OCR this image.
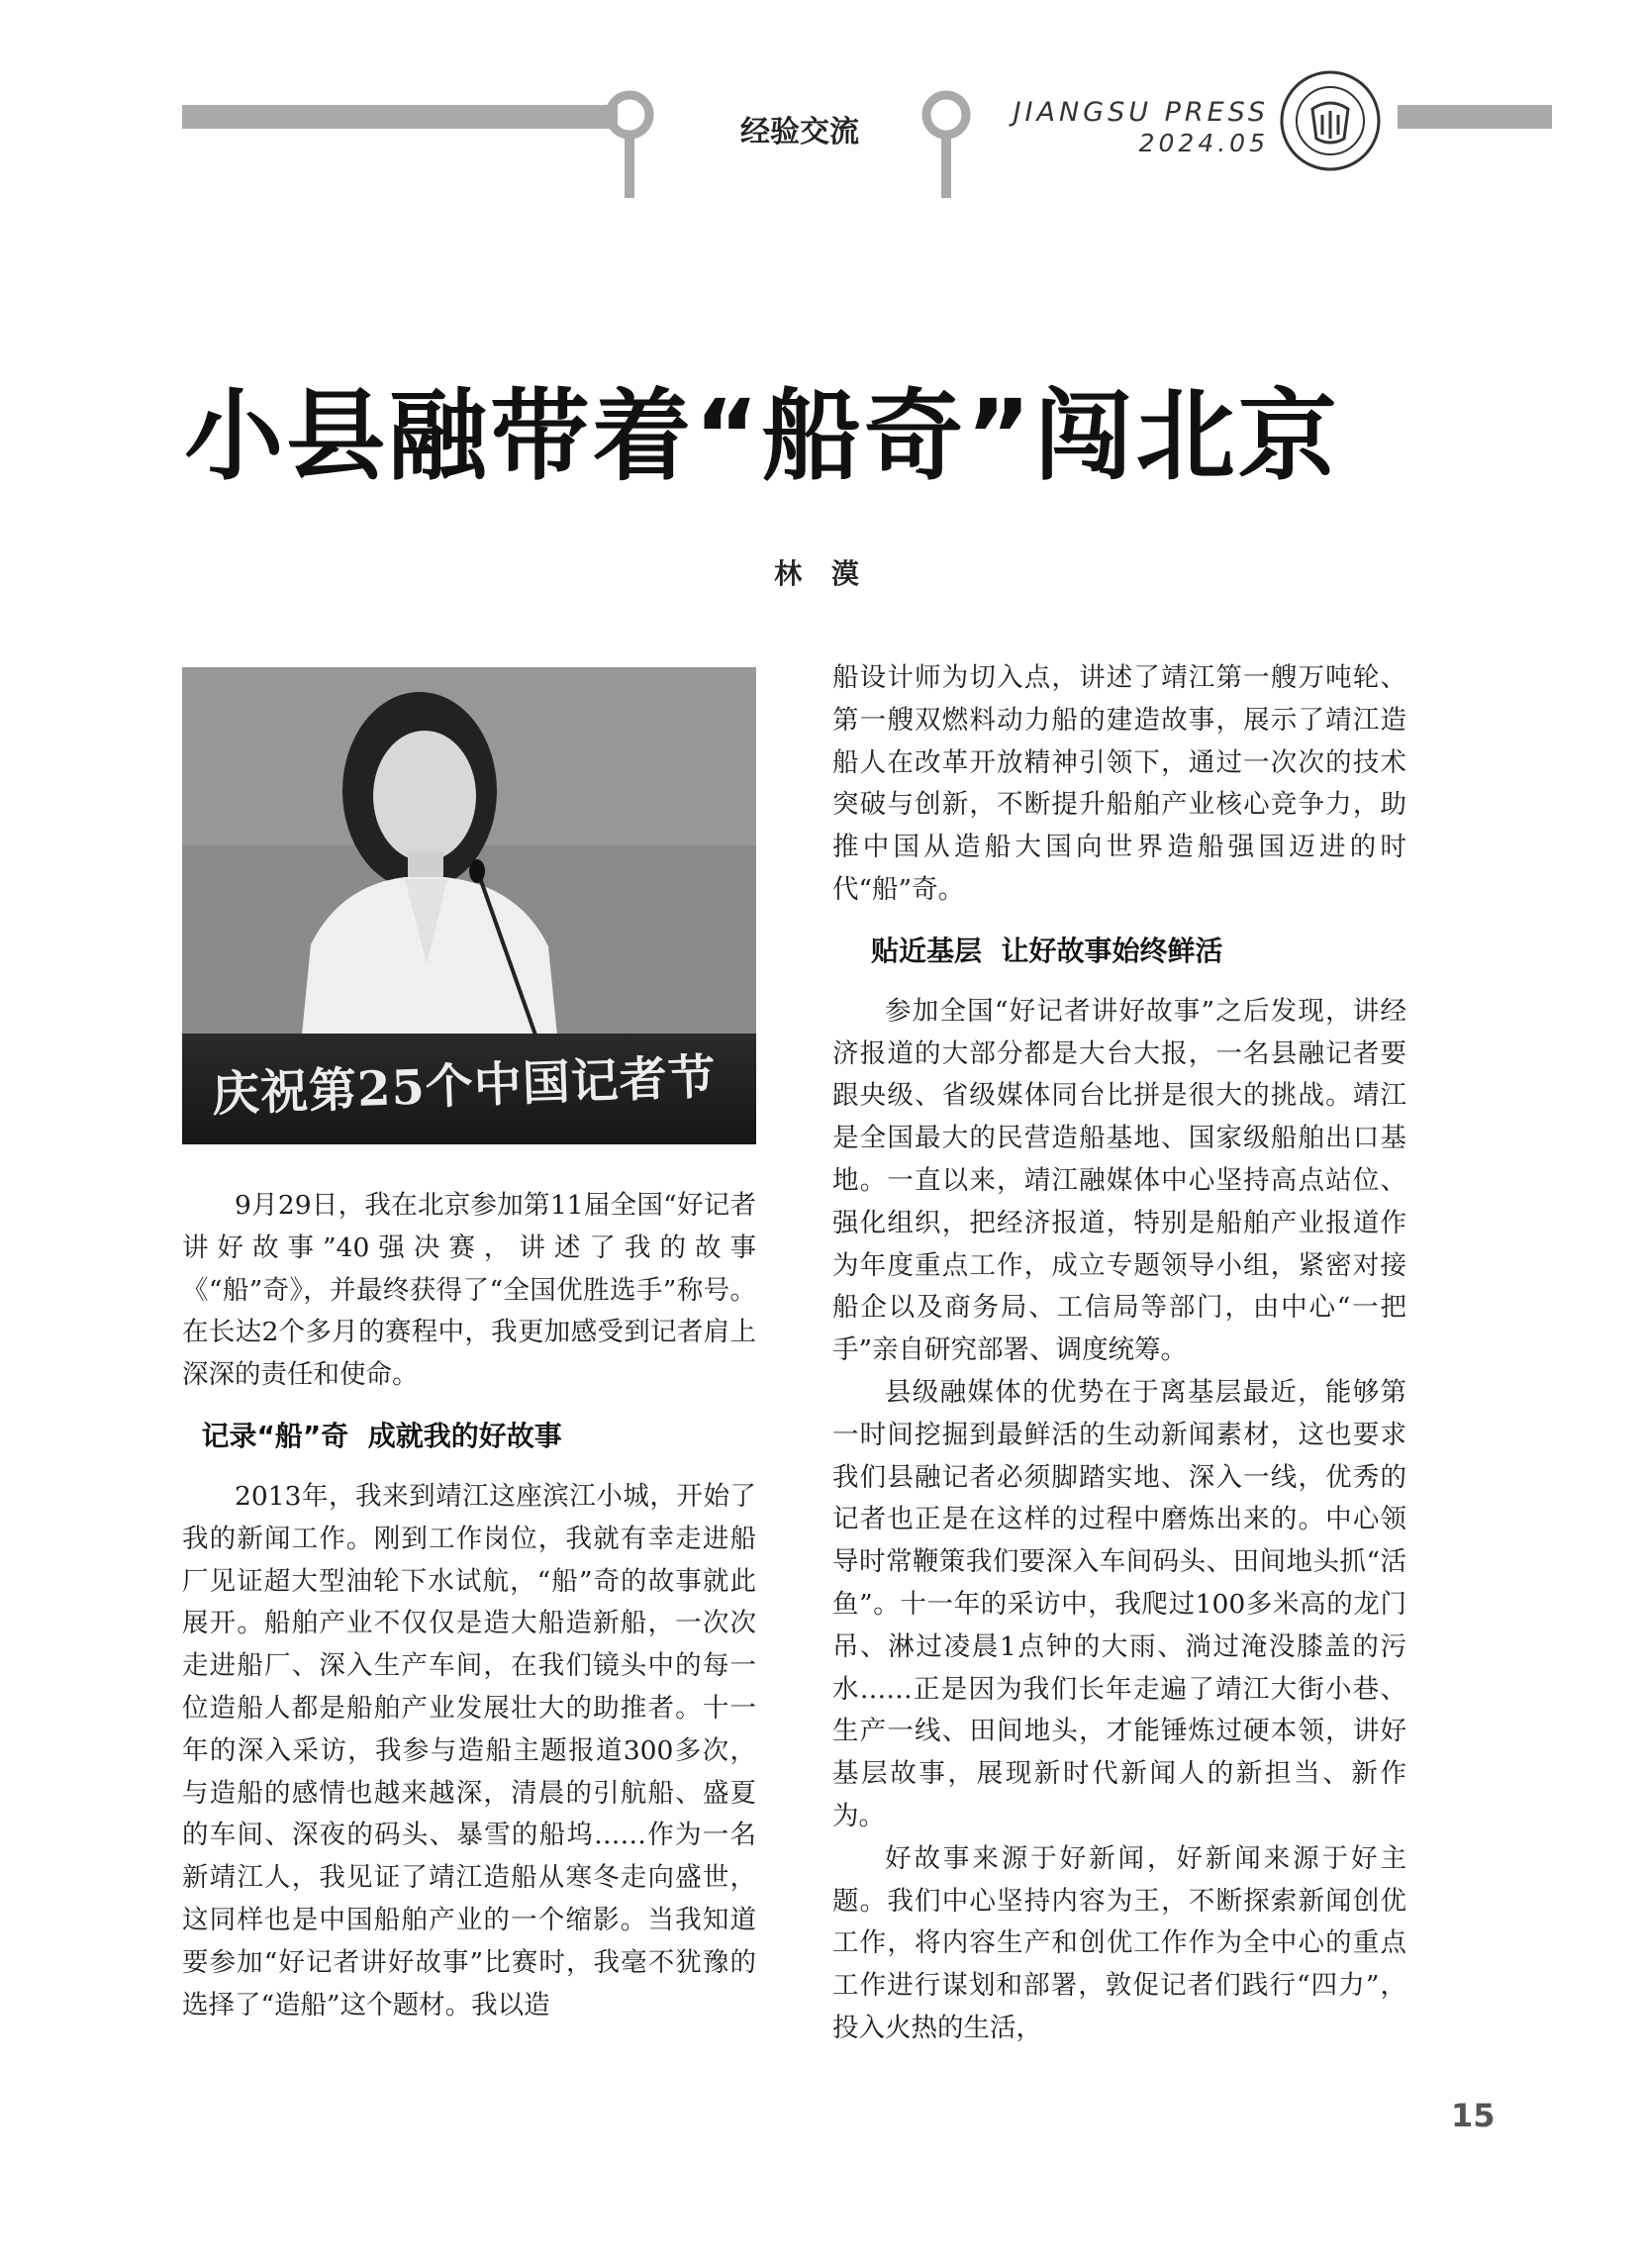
经验交流
JIANGSU PRESS
2024.05
小县融带着“船奇”闯北京
林 漠
庆祝第25个中国记者节

9月29日，我在北京参加第11届全国“好记者讲好故事”40强决赛，讲述了我的故事《“船”奇》，并最终获得了“全国优胜选手”称号。在长达2个多月的赛程中，我更加感受到记者肩上深深的责任和使命。

记录“船”奇  成就我的好故事

2013年，我来到靖江这座滨江小城，开始了我的新闻工作。刚到工作岗位，我就有幸走进船厂见证超大型油轮下水试航，“船”奇的故事就此展开。船舶产业不仅仅是造大船造新船，一次次走进船厂、深入生产车间，在我们镜头中的每一位造船人都是船舶产业发展壮大的助推者。十一年的深入采访，我参与造船主题报道300多次，与造船的感情也越来越深，清晨的引航船、盛夏的车间、深夜的码头、暴雪的船坞……作为一名新靖江人，我见证了靖江造船从寒冬走向盛世，这同样也是中国船舶产业的一个缩影。当我知道要参加“好记者讲好故事”比赛时，我毫不犹豫的选择了“造船”这个题材。我以造

船设计师为切入点，讲述了靖江第一艘万吨轮、第一艘双燃料动力船的建造故事，展示了靖江造船人在改革开放精神引领下，通过一次次的技术突破与创新，不断提升船舶产业核心竞争力，助推中国从造船大国向世界造船强国迈进的时代“船”奇。

贴近基层  让好故事始终鲜活

参加全国“好记者讲好故事”之后发现，讲经济报道的大部分都是大台大报，一名县融记者要跟央级、省级媒体同台比拼是很大的挑战。靖江是全国最大的民营造船基地、国家级船舶出口基地。一直以来，靖江融媒体中心坚持高点站位、强化组织，把经济报道，特别是船舶产业报道作为年度重点工作，成立专题领导小组，紧密对接船企以及商务局、工信局等部门，由中心“一把手”亲自研究部署、调度统筹。

县级融媒体的优势在于离基层最近，能够第一时间挖掘到最鲜活的生动新闻素材，这也要求我们县融记者必须脚踏实地、深入一线，优秀的记者也正是在这样的过程中磨炼出来的。中心领导时常鞭策我们要深入车间码头、田间地头抓“活鱼”。十一年的采访中，我爬过100多米高的龙门吊、淋过凌晨1点钟的大雨、淌过淹没膝盖的污水……正是因为我们长年走遍了靖江大街小巷、生产一线、田间地头，才能锤炼过硬本领，讲好基层故事，展现新时代新闻人的新担当、新作为。

好故事来源于好新闻，好新闻来源于好主题。我们中心坚持内容为王，不断探索新闻创优工作，将内容生产和创优工作作为全中心的重点工作进行谋划和部署，敦促记者们践行“四力”，投入火热的生活，

15
